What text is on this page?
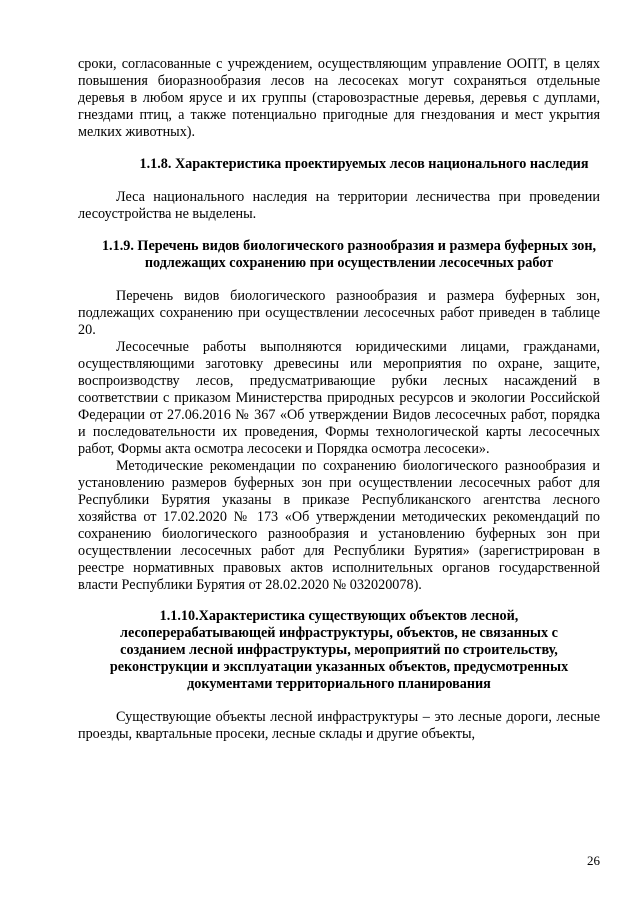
сроки, согласованные с учреждением, осуществляющим управление ООПТ, в целях повышения биоразнообразия лесов на лесосеках могут сохраняться отдельные деревья в любом ярусе и их группы (старовозрастные деревья, деревья с дуплами, гнездами птиц, а также потенциально пригодные для гнездования и мест укрытия мелких животных).

1.1.8. Характеристика проектируемых лесов национального наследия

Леса национального наследия на территории лесничества при проведении лесоустройства не выделены.

1.1.9. Перечень видов биологического разнообразия и размера буферных зон, подлежащих сохранению при осуществлении лесосечных работ

Перечень видов биологического разнообразия и размера буферных зон, подлежащих сохранению при осуществлении лесосечных работ приведен в таблице 20.

Лесосечные работы выполняются юридическими лицами, гражданами, осуществляющими заготовку древесины или мероприятия по охране, защите, воспроизводству лесов, предусматривающие рубки лесных насаждений в соответствии с приказом Министерства природных ресурсов и экологии Российской Федерации от 27.06.2016 № 367 «Об утверждении Видов лесосечных работ, порядка и последовательности их проведения, Формы технологической карты лесосечных работ, Формы акта осмотра лесосеки и Порядка осмотра лесосеки».

Методические рекомендации по сохранению биологического разнообразия и установлению размеров буферных зон при осуществлении лесосечных работ для Республики Бурятия указаны в приказе Республиканского агентства лесного хозяйства от 17.02.2020 № 173 «Об утверждении методических рекомендаций по сохранению биологического разнообразия и установлению буферных зон при осуществлении лесосечных работ для Республики Бурятия» (зарегистрирован в реестре нормативных правовых актов исполнительных органов государственной власти Республики Бурятия от 28.02.2020 № 032020078).

1.1.10.Характеристика существующих объектов лесной, лесоперерабатывающей инфраструктуры, объектов, не связанных с созданием лесной инфраструктуры, мероприятий по строительству, реконструкции и эксплуатации указанных объектов, предусмотренных документами территориального планирования

Существующие объекты лесной инфраструктуры – это лесные дороги, лесные проезды, квартальные просеки, лесные склады и другие объекты,

26
